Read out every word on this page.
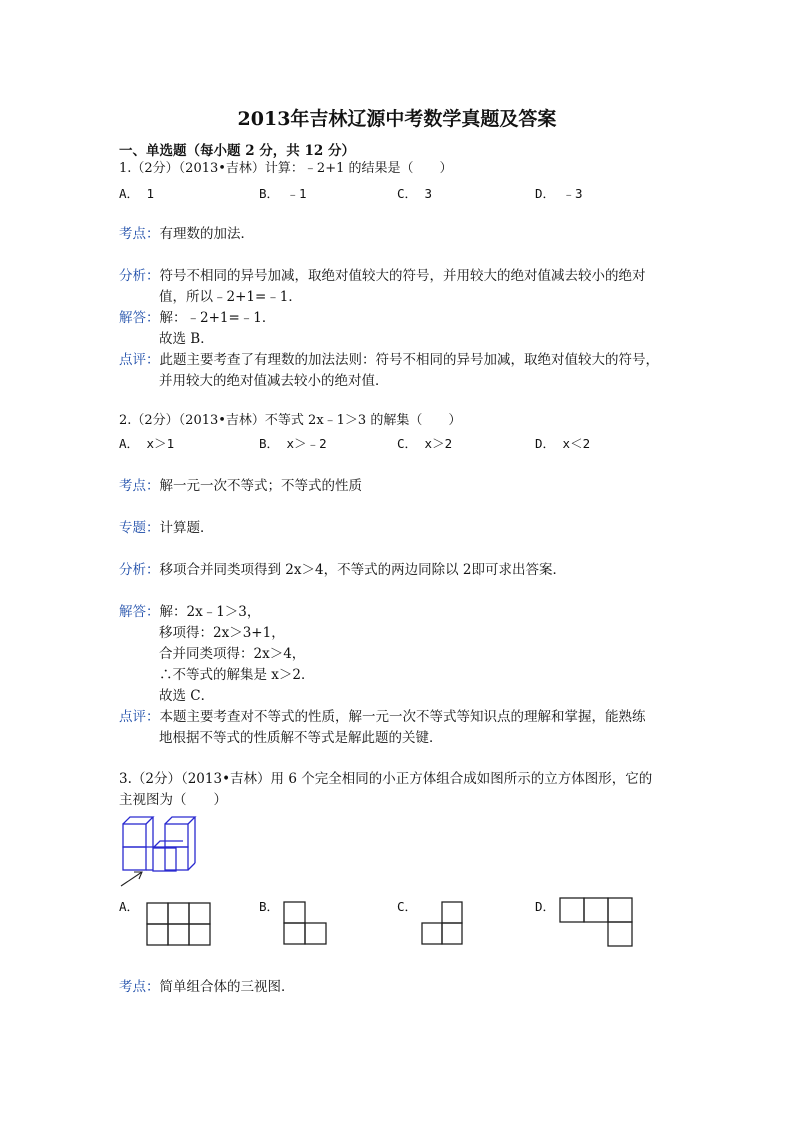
2013年吉林辽源中考数学真题及答案
一、单选题（每小题 2 分，共 12 分）
1.（2分）（2013•吉林）计算：﹣2+1 的结果是（　　）
A． 1	B． ﹣1	C． 3	D． ﹣3
考点：有理数的加法．
分析：符号不相同的异号加减，取绝对值较大的符号，并用较大的绝对值减去较小的绝对
值，所以﹣2+1=﹣1．
解答：解：﹣2+1=﹣1．
故选 B．
点评：此题主要考查了有理数的加法法则：符号不相同的异号加减，取绝对值较大的符号，
并用较大的绝对值减去较小的绝对值．
2.（2分）（2013•吉林）不等式 2x﹣1＞3 的解集（　　）
A． x＞1	B． x＞﹣2	C． x＞2	D． x＜2
考点：解一元一次不等式；不等式的性质
专题：计算题．
分析：移项合并同类项得到 2x＞4，不等式的两边同除以 2即可求出答案．
解答：解：2x﹣1＞3，
移项得：2x＞3+1，
合并同类项得：2x＞4，
∴不等式的解集是 x＞2．
故选 C．
点评：本题主要考查对不等式的性质，解一元一次不等式等知识点的理解和掌握，能熟练
地根据不等式的性质解不等式是解此题的关键．
3.（2分）（2013•吉林）用 6 个完全相同的小正方体组合成如图所示的立方体图形，它的
主视图为（　　）
A．	B．	C．	D．
考点：简单组合体的三视图．
